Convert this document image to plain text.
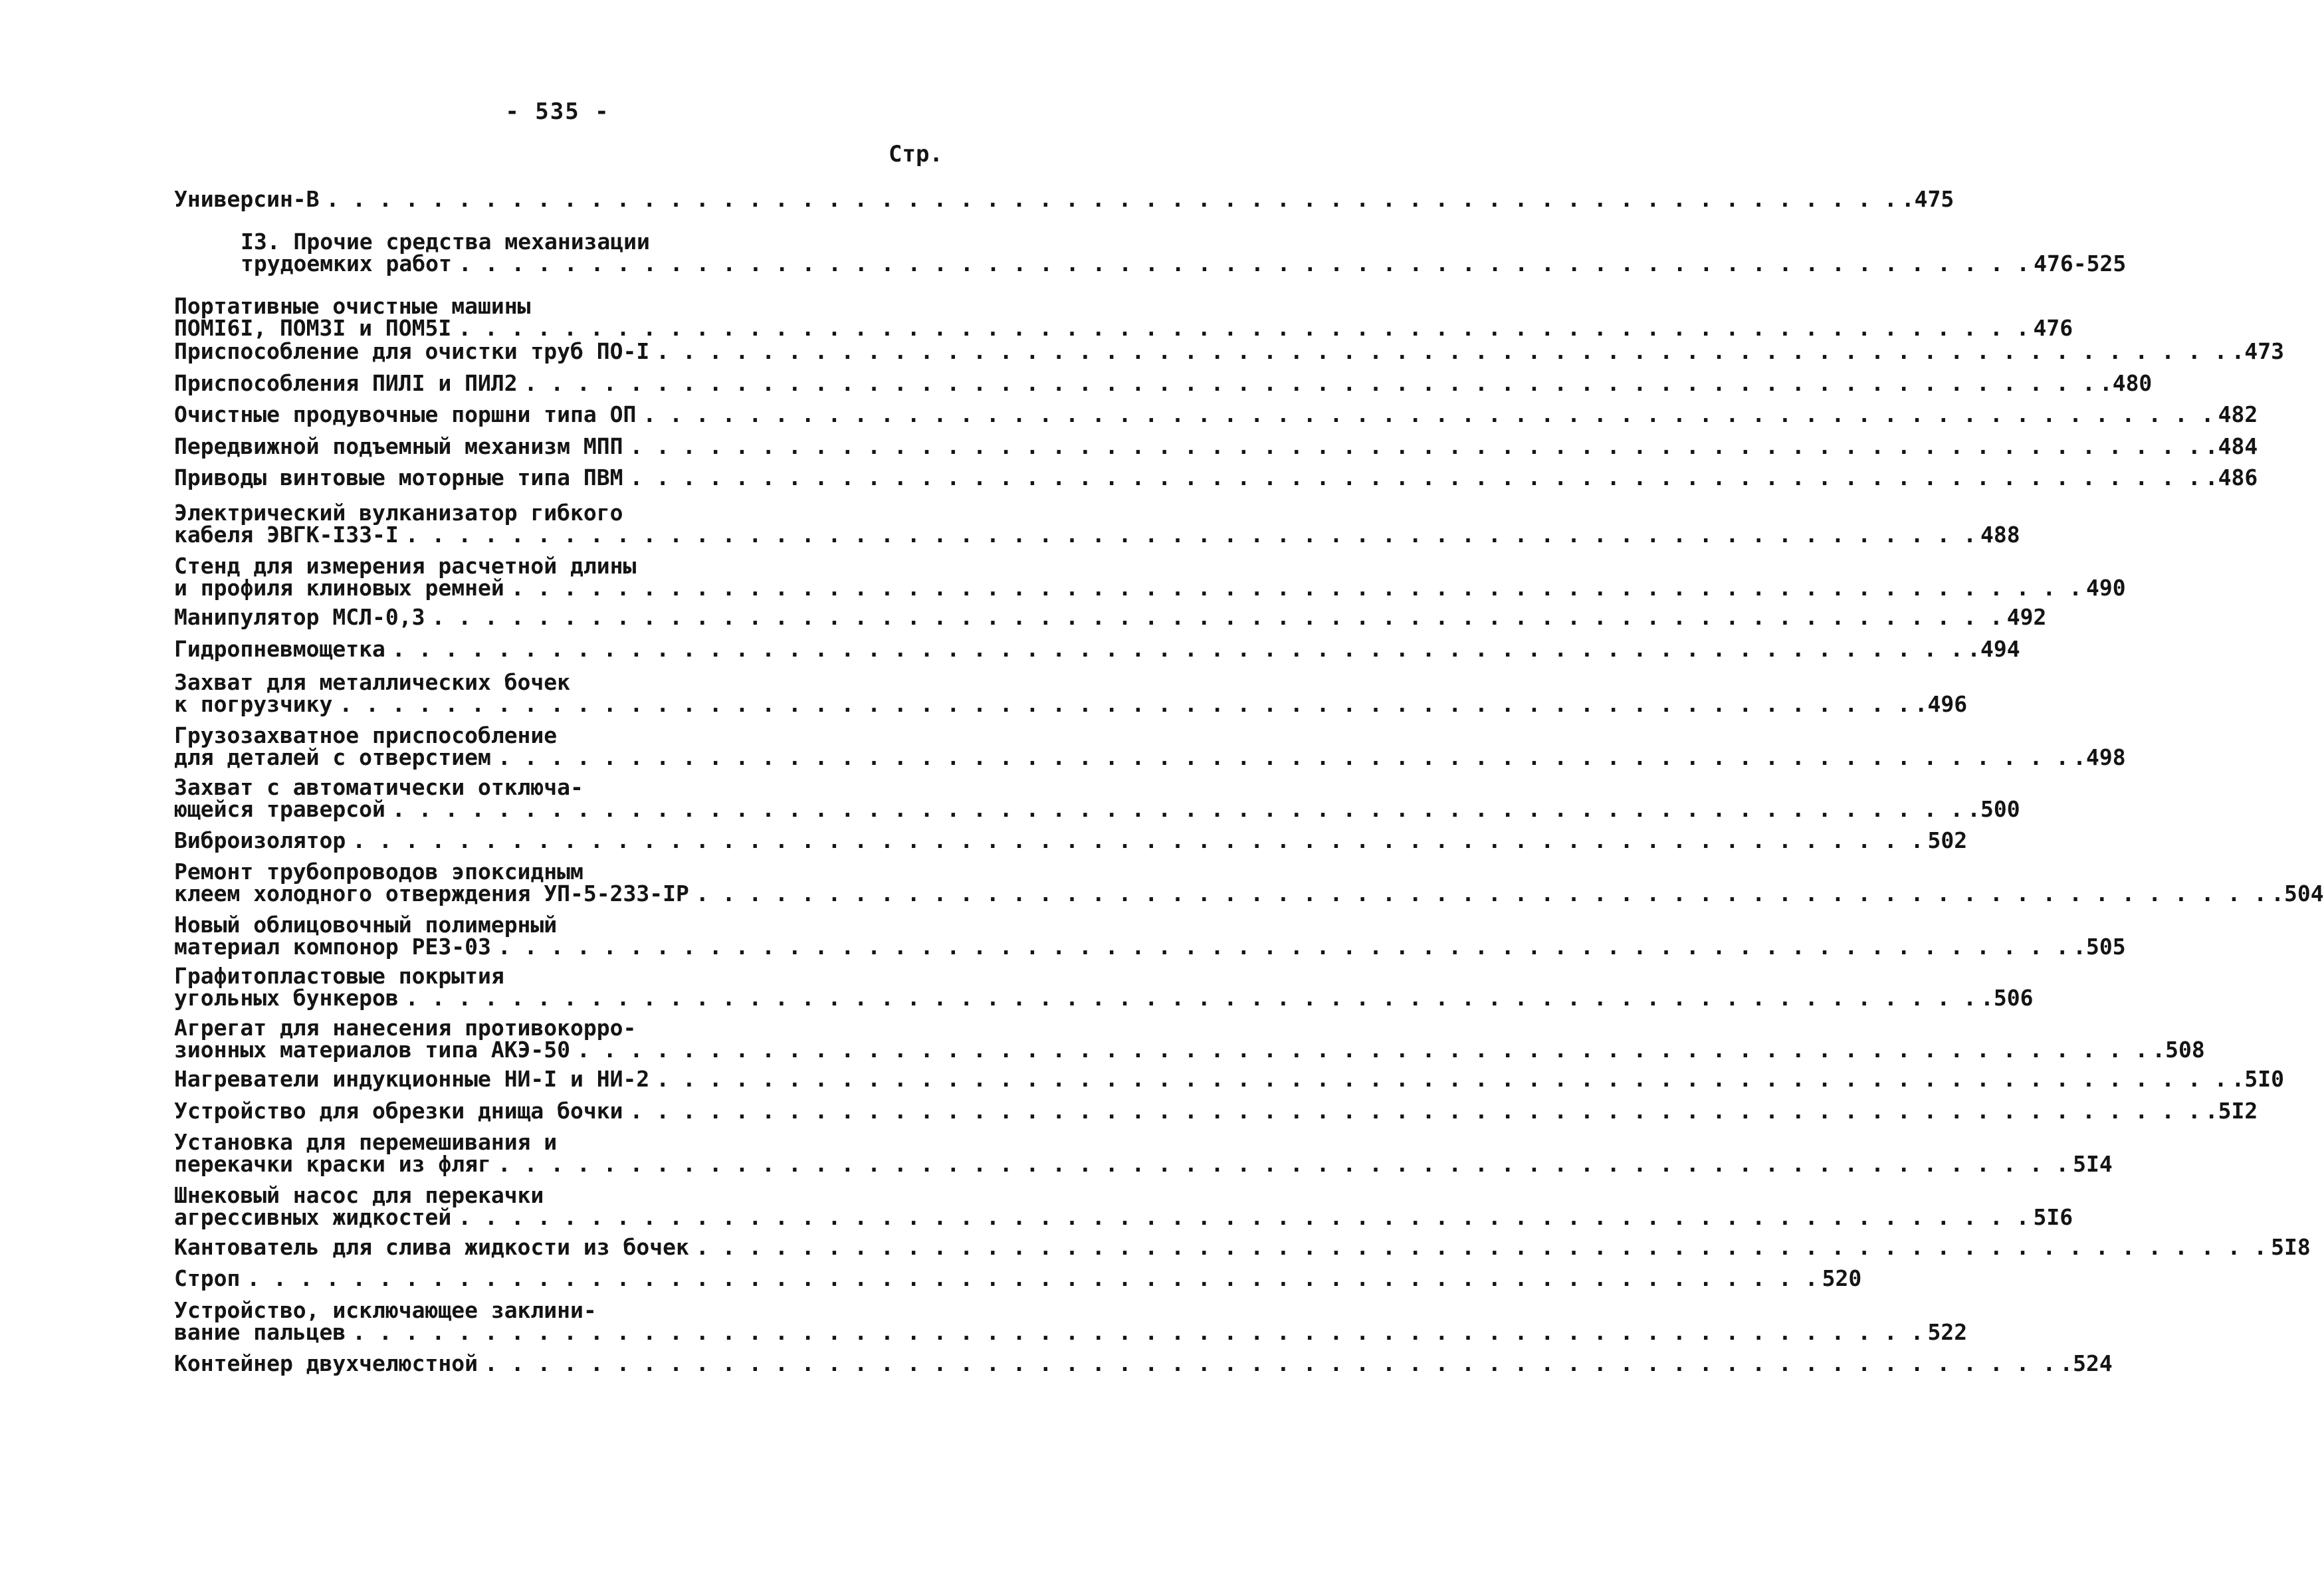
- 535 -
Стр.
Универсин-В . . . . . . . . . . . . . . . . . . . . . . . . . . . . . . . . . . . . . . . . . . . . . . . . . . . . . . . . . . . . .475
I3. Прочие средства механизации
трудоемких работ . . . . . . . . . . . . . . . . . . . . . . . . . . . . . . . . . . . . . . . . . . . . . . . . . . . . . . . . . . . . 476-525
Портативные очистные машины
ПОМI6I, ПОМ3I и ПОМ5I . . . . . . . . . . . . . . . . . . . . . . . . . . . . . . . . . . . . . . . . . . . . . . . . . . . . . . . . . . . . 476
Приспособление для очистки труб ПО-I . . . . . . . . . . . . . . . . . . . . . . . . . . . . . . . . . . . . . . . . . . . . . . . . . . . . . . . . . . . . .473
Приспособления ПИЛI и ПИЛ2 . . . . . . . . . . . . . . . . . . . . . . . . . . . . . . . . . . . . . . . . . . . . . . . . . . . . . . . . . . . . .480
Очистные продувочные поршни типа ОП . . . . . . . . . . . . . . . . . . . . . . . . . . . . . . . . . . . . . . . . . . . . . . . . . . . . . . . . . . . . 482
Передвижной подъемный механизм МПП . . . . . . . . . . . . . . . . . . . . . . . . . . . . . . . . . . . . . . . . . . . . . . . . . . . . . . . . . . . . .484
Приводы винтовые моторные типа ПВМ . . . . . . . . . . . . . . . . . . . . . . . . . . . . . . . . . . . . . . . . . . . . . . . . . . . . . . . . . . . . .486
Электрический вулканизатор гибкого
кабеля ЭВГК-I33-I . . . . . . . . . . . . . . . . . . . . . . . . . . . . . . . . . . . . . . . . . . . . . . . . . . . . . . . . . . . . 488
Стенд для измерения расчетной длины
и профиля клиновых ремней . . . . . . . . . . . . . . . . . . . . . . . . . . . . . . . . . . . . . . . . . . . . . . . . . . . . . . . . . . . . 490
Манипулятор МСЛ-0,3 . . . . . . . . . . . . . . . . . . . . . . . . . . . . . . . . . . . . . . . . . . . . . . . . . . . . . . . . . . . . 492
Гидропневмощетка . . . . . . . . . . . . . . . . . . . . . . . . . . . . . . . . . . . . . . . . . . . . . . . . . . . . . . . . . . . . .494
Захват для металлических бочек
к погрузчику . . . . . . . . . . . . . . . . . . . . . . . . . . . . . . . . . . . . . . . . . . . . . . . . . . . . . . . . . . . . .496
Грузозахватное приспособление
для деталей с отверстием . . . . . . . . . . . . . . . . . . . . . . . . . . . . . . . . . . . . . . . . . . . . . . . . . . . . . . . . . . . . .498
Захват с автоматически отключа-
ющейся траверсой . . . . . . . . . . . . . . . . . . . . . . . . . . . . . . . . . . . . . . . . . . . . . . . . . . . . . . . . . . . . .500
Виброизолятор . . . . . . . . . . . . . . . . . . . . . . . . . . . . . . . . . . . . . . . . . . . . . . . . . . . . . . . . . . . . 502
Ремонт трубопроводов эпоксидным
клеем холодного отверждения УП-5-233-IP . . . . . . . . . . . . . . . . . . . . . . . . . . . . . . . . . . . . . . . . . . . . . . . . . . . . . . . . . . . . .504
Новый облицовочный полимерный
материал компонор РЕЗ-03 . . . . . . . . . . . . . . . . . . . . . . . . . . . . . . . . . . . . . . . . . . . . . . . . . . . . . . . . . . . . .505
Графитопластовые покрытия
угольных бункеров . . . . . . . . . . . . . . . . . . . . . . . . . . . . . . . . . . . . . . . . . . . . . . . . . . . . . . . . . . . . .506
Агрегат для нанесения противокорро-
зионных материалов типа АКЭ-50 . . . . . . . . . . . . . . . . . . . . . . . . . . . . . . . . . . . . . . . . . . . . . . . . . . . . . . . . . . . . .508
Нагреватели индукционные НИ-I и НИ-2 . . . . . . . . . . . . . . . . . . . . . . . . . . . . . . . . . . . . . . . . . . . . . . . . . . . . . . . . . . . . .5I0
Устройство для обрезки днища бочки . . . . . . . . . . . . . . . . . . . . . . . . . . . . . . . . . . . . . . . . . . . . . . . . . . . . . . . . . . . . .5I2
Установка для перемешивания и
перекачки краски из фляг . . . . . . . . . . . . . . . . . . . . . . . . . . . . . . . . . . . . . . . . . . . . . . . . . . . . . . . . . . . . 5I4
Шнековый насос для перекачки
агрессивных жидкостей . . . . . . . . . . . . . . . . . . . . . . . . . . . . . . . . . . . . . . . . . . . . . . . . . . . . . . . . . . . . 5I6
Кантователь для слива жидкости из бочек . . . . . . . . . . . . . . . . . . . . . . . . . . . . . . . . . . . . . . . . . . . . . . . . . . . . . . . . . . . . 5I8
Строп . . . . . . . . . . . . . . . . . . . . . . . . . . . . . . . . . . . . . . . . . . . . . . . . . . . . . . . . . . . . 520
Устройство, исключающее заклини-
вание пальцев . . . . . . . . . . . . . . . . . . . . . . . . . . . . . . . . . . . . . . . . . . . . . . . . . . . . . . . . . . . . 522
Контейнер двухчелюстной . . . . . . . . . . . . . . . . . . . . . . . . . . . . . . . . . . . . . . . . . . . . . . . . . . . . . . . . . . . . .524
